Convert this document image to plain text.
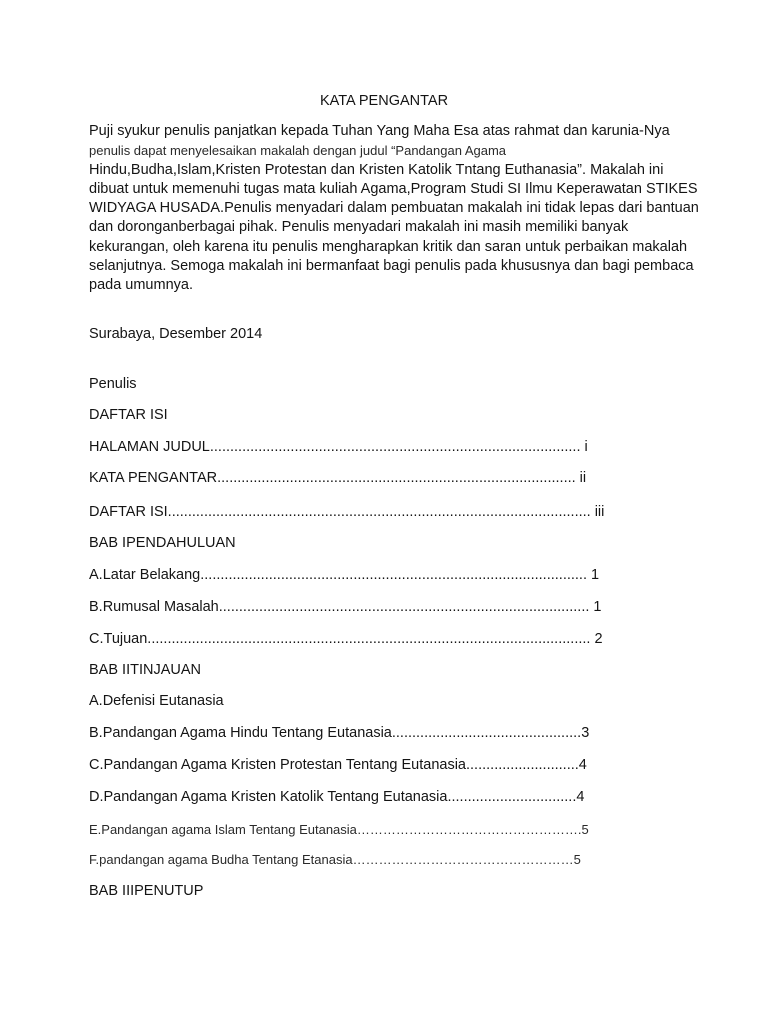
KATA PENGANTAR
Puji syukur penulis panjatkan kepada Tuhan Yang Maha Esa atas rahmat dan karunia-Nya
penulis dapat menyelesaikan makalah dengan judul “Pandangan Agama
Hindu,Budha,Islam,Kristen Protestan dan Kristen Katolik Tntang Euthanasia”. Makalah ini
dibuat untuk memenuhi tugas mata kuliah Agama,Program Studi SI Ilmu Keperawatan STIKES
WIDYAGA HUSADA.Penulis menyadari dalam pembuatan makalah ini tidak lepas dari bantuan
dan doronganberbagai pihak. Penulis menyadari makalah ini masih memiliki banyak
kekurangan, oleh karena itu penulis mengharapkan kritik dan saran untuk perbaikan makalah
selanjutnya. Semoga makalah ini bermanfaat bagi penulis pada khususnya dan bagi pembaca
pada umumnya.
Surabaya, Desember 2014
Penulis
DAFTAR ISI
HALAMAN JUDUL............................................................................................ i
KATA PENGANTAR......................................................................................... ii
DAFTAR ISI......................................................................................................... iii
BAB IPENDAHULUAN
A.Latar Belakang................................................................................................ 1
B.Rumusal Masalah............................................................................................ 1
C.Tujuan.............................................................................................................. 2
BAB IITINJAUAN
A.Defenisi Eutanasia
B.Pandangan Agama Hindu Tentang Eutanasia...............................................3
C.Pandangan Agama Kristen Protestan Tentang Eutanasia............................4
D.Pandangan Agama Kristen Katolik Tentang Eutanasia................................4
E.Pandangan agama Islam Tentang Eutanasia…………………………………………….5
F.pandangan agama Budha Tentang Etanasia……………………………………………5
BAB IIIPENUTUP
